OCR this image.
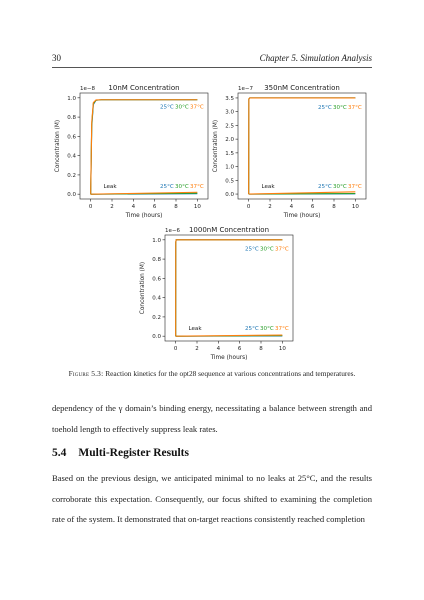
30	Chapter 5. Simulation Analysis
10nM Concentration
1e−8
0	2	4	6	8	10
0.0
0.2
0.4
0.6
0.8
1.0
Time (hours)
Concentration (M)
25°C 30°C 37°C
25°C 30°C 37°C
Leak
350nM Concentration
1e−7
0	2	4	6	8	10
0.0
0.5
1.0
1.5
2.0
2.5
3.0
3.5
Time (hours)
Concentration (M)
25°C 30°C 37°C
25°C 30°C 37°C
Leak
1000nM Concentration
1e−6
0	2	4	6	8	10
0.0
0.2
0.4
0.6
0.8
1.0
Time (hours)
Concentration (M)
25°C 30°C 37°C
25°C 30°C 37°C
Leak
Figure 5.3: Reaction kinetics for the opt28 sequence at various concentrations and temperatures.

dependency of the γ domain’s binding energy, necessitating a balance between strength and toehold length to effectively suppress leak rates.

5.4 Multi-Register Results

Based on the previous design, we anticipated minimal to no leaks at 25°C, and the results corroborate this expectation. Consequently, our focus shifted to examining the completion rate of the system. It demonstrated that on-target reactions consistently reached completion
